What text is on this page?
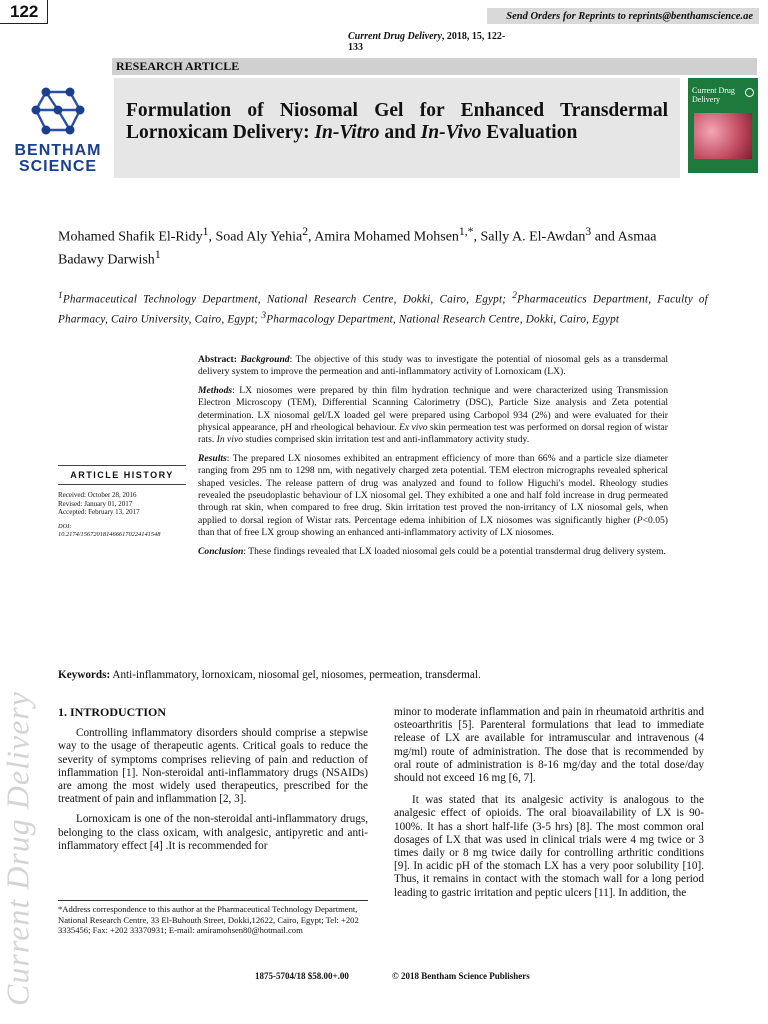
122	Send Orders for Reprints to reprints@benthamscience.ae
Current Drug Delivery, 2018, 15, 122-133
RESEARCH ARTICLE
BENTHAM
SCIENCE
Formulation of Niosomal Gel for Enhanced Transdermal Lornoxicam Delivery: In-Vitro and In-Vivo Evaluation
Current Drug Delivery
Mohamed Shafik El-Ridy$^1$, Soad Aly Yehia$^2$, Amira Mohamed Mohsen$^{1,*}$, Sally A. El-Awdan$^3$ and Asmaa Badawy Darwish$^1$
$^1$Pharmaceutical Technology Department, National Research Centre, Dokki, Cairo, Egypt; $^2$Pharmaceutics Department, Faculty of Pharmacy, Cairo University, Cairo, Egypt; $^3$Pharmacology Department, National Research Centre, Dokki, Cairo, Egypt

Abstract: Background: The objective of this study was to investigate the potential of niosomal gels as a transdermal delivery system to improve the permeation and anti-inflammatory activity of Lornoxicam (LX).

Methods: LX niosomes were prepared by thin film hydration technique and were characterized using Transmission Electron Microscopy (TEM), Differential Scanning Calorimetry (DSC), Particle Size analysis and Zeta potential determination. LX niosomal gel/LX loaded gel were prepared using Carbopol 934 (2%) and were evaluated for their physical appearance, pH and rheological behaviour. Ex vivo skin permeation test was performed on dorsal region of wistar rats. In vivo studies comprised skin irritation test and anti-inflammatory activity study.

Results: The prepared LX niosomes exhibited an entrapment efficiency of more than 66% and a particle size diameter ranging from 295 nm to 1298 nm, with negatively charged zeta potential. TEM electron micrographs revealed spherical shaped vesicles. The release pattern of drug was analyzed and found to follow Higuchi's model. Rheology studies revealed the pseudoplastic behaviour of LX niosomal gel. They exhibited a one and half fold increase in drug permeated through rat skin, when compared to free drug. Skin irritation test proved the non-irritancy of LX niosomal gels, when applied to dorsal region of Wistar rats. Percentage edema inhibition of LX niosomes was significantly higher (P<0.05) than that of free LX group showing an enhanced anti-inflammatory activity of LX niosomes.

Conclusion: These findings revealed that LX loaded niosomal gels could be a potential transdermal drug delivery system.

ARTICLE HISTORY
Received: October 28, 2016
Revised: January 01, 2017
Accepted: February 13, 2017
DOI:
10.2174/1567201814666170224141548
Keywords: Anti-inflammatory, lornoxicam, niosomal gel, niosomes, permeation, transdermal.
1. INTRODUCTION

Controlling inflammatory disorders should comprise a stepwise way to the usage of therapeutic agents. Critical goals to reduce the severity of symptoms comprises relieving of pain and reduction of inflammation [1]. Non-steroidal anti-inflammatory drugs (NSAIDs) are among the most widely used therapeutics, prescribed for the treatment of pain and inflammation [2, 3].

Lornoxicam is one of the non-steroidal anti-inflammatory drugs, belonging to the class oxicam, with analgesic, antipyretic and anti-inflammatory effect [4] .It is recommended for

minor to moderate inflammation and pain in rheumatoid arthritis and osteoarthritis [5]. Parenteral formulations that lead to immediate release of LX are available for intramuscular and intravenous (4 mg/ml) route of administration. The dose that is recommended by oral route of administration is 8-16 mg/day and the total dose/day should not exceed 16 mg [6, 7].

It was stated that its analgesic activity is analogous to the analgesic effect of opioids. The oral bioavailability of LX is 90-100%. It has a short half-life (3-5 hrs) [8]. The most common oral dosages of LX that was used in clinical trials were 4 mg twice or 3 times daily or 8 mg twice daily for controlling arthritic conditions [9]. In acidic pH of the stomach LX has a very poor solubility [10]. Thus, it remains in contact with the stomach wall for a long period leading to gastric irritation and peptic ulcers [11]. In addition, the

*Address correspondence to this author at the Pharmaceutical Technology Department, National Research Centre, 33 El-Buhouth Street, Dokki,12622, Cairo, Egypt; Tel: +202 3335456; Fax: +202 33370931; E-mail: amiramohsen80@hotmail.com
1875-5704/18 $58.00+.00	© 2018 Bentham Science Publishers
Current Drug Delivery
